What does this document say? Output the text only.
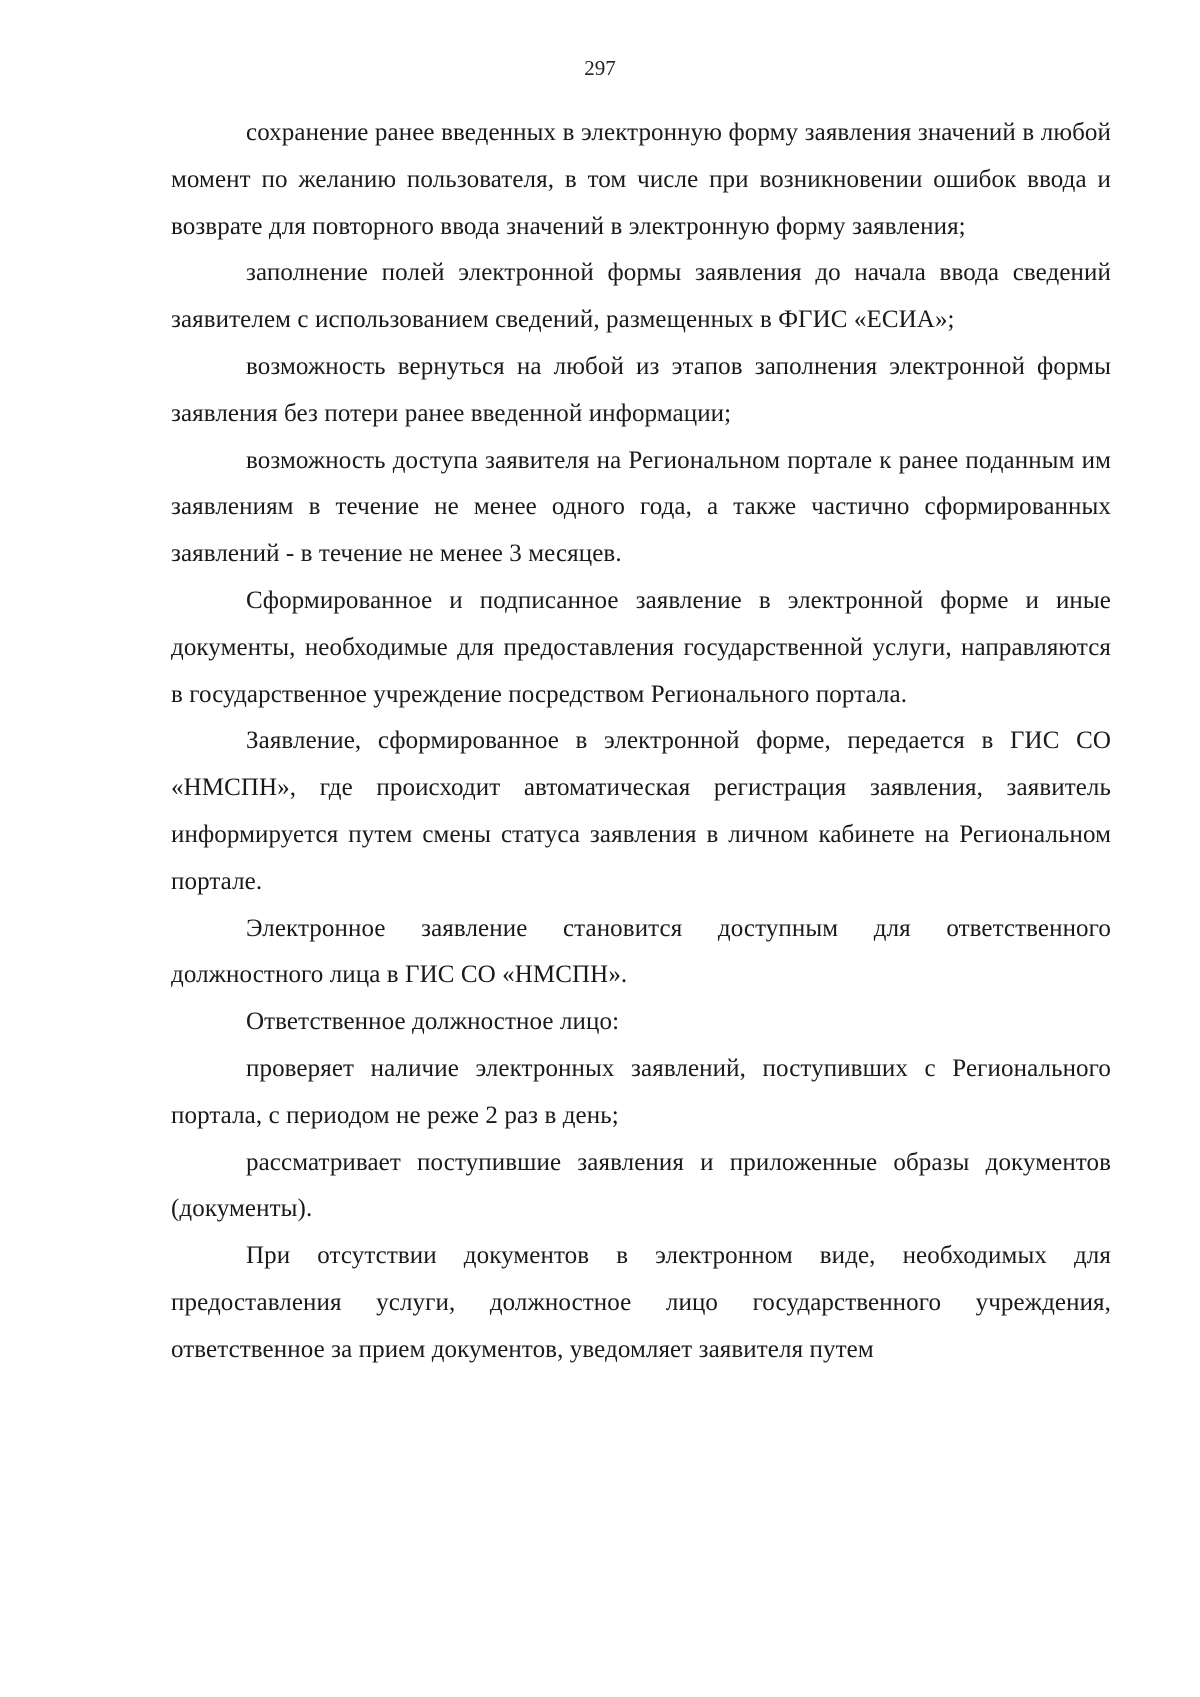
297

сохранение ранее введенных в электронную форму заявления значений в любой момент по желанию пользователя, в том числе при возникновении ошибок ввода и возврате для повторного ввода значений в электронную форму заявления;

заполнение полей электронной формы заявления до начала ввода сведений заявителем с использованием сведений, размещенных в ФГИС «ЕСИА»;

возможность вернуться на любой из этапов заполнения электронной формы заявления без потери ранее введенной информации;

возможность доступа заявителя на Региональном портале к ранее поданным им заявлениям в течение не менее одного года, а также частично сформированных заявлений - в течение не менее 3 месяцев.

Сформированное и подписанное заявление в электронной форме и иные документы, необходимые для предоставления государственной услуги, направляются в государственное учреждение посредством Регионального портала.

Заявление, сформированное в электронной форме, передается в ГИС СО «НМСПН», где происходит автоматическая регистрация заявления, заявитель информируется путем смены статуса заявления в личном кабинете на Региональном портале.

Электронное заявление становится доступным для ответственного должностного лица в ГИС СО «НМСПН».

Ответственное должностное лицо:

проверяет наличие электронных заявлений, поступивших с Регионального портала, с периодом не реже 2 раз в день;

рассматривает поступившие заявления и приложенные образы документов (документы).

При отсутствии документов в электронном виде, необходимых для предоставления услуги, должностное лицо государственного учреждения, ответственное за прием документов, уведомляет заявителя путем
